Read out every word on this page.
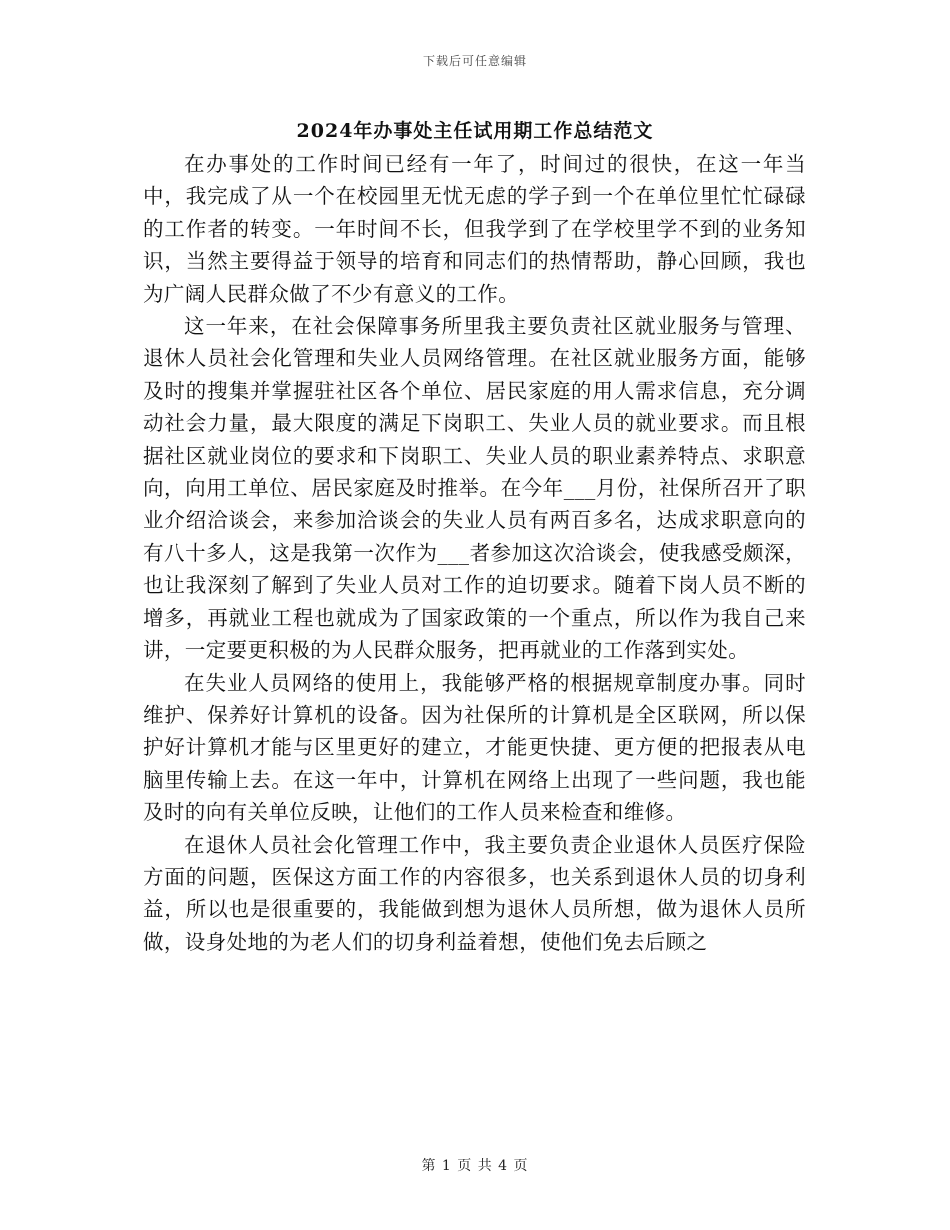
下载后可任意编辑
2024年办事处主任试用期工作总结范文

在办事处的工作时间已经有一年了，时间过的很快，在这一年当中，我完成了从一个在校园里无忧无虑的学子到一个在单位里忙忙碌碌的工作者的转变。一年时间不长，但我学到了在学校里学不到的业务知识，当然主要得益于领导的培育和同志们的热情帮助，静心回顾，我也为广阔人民群众做了不少有意义的工作。

这一年来，在社会保障事务所里我主要负责社区就业服务与管理、退休人员社会化管理和失业人员网络管理。在社区就业服务方面，能够及时的搜集并掌握驻社区各个单位、居民家庭的用人需求信息，充分调动社会力量，最大限度的满足下岗职工、失业人员的就业要求。而且根据社区就业岗位的要求和下岗职工、失业人员的职业素养特点、求职意向，向用工单位、居民家庭及时推举。在今年___月份，社保所召开了职业介绍洽谈会，来参加洽谈会的失业人员有两百多名，达成求职意向的有八十多人，这是我第一次作为___者参加这次洽谈会，使我感受颇深，也让我深刻了解到了失业人员对工作的迫切要求。随着下岗人员不断的增多，再就业工程也就成为了国家政策的一个重点，所以作为我自己来讲，一定要更积极的为人民群众服务，把再就业的工作落到实处。

在失业人员网络的使用上，我能够严格的根据规章制度办事。同时维护、保养好计算机的设备。因为社保所的计算机是全区联网，所以保护好计算机才能与区里更好的建立，才能更快捷、更方便的把报表从电脑里传输上去。在这一年中，计算机在网络上出现了一些问题，我也能及时的向有关单位反映，让他们的工作人员来检查和维修。

在退休人员社会化管理工作中，我主要负责企业退休人员医疗保险方面的问题，医保这方面工作的内容很多，也关系到退休人员的切身利益，所以也是很重要的，我能做到想为退休人员所想，做为退休人员所做，设身处地的为老人们的切身利益着想，使他们免去后顾之

第 1 页 共 4 页
